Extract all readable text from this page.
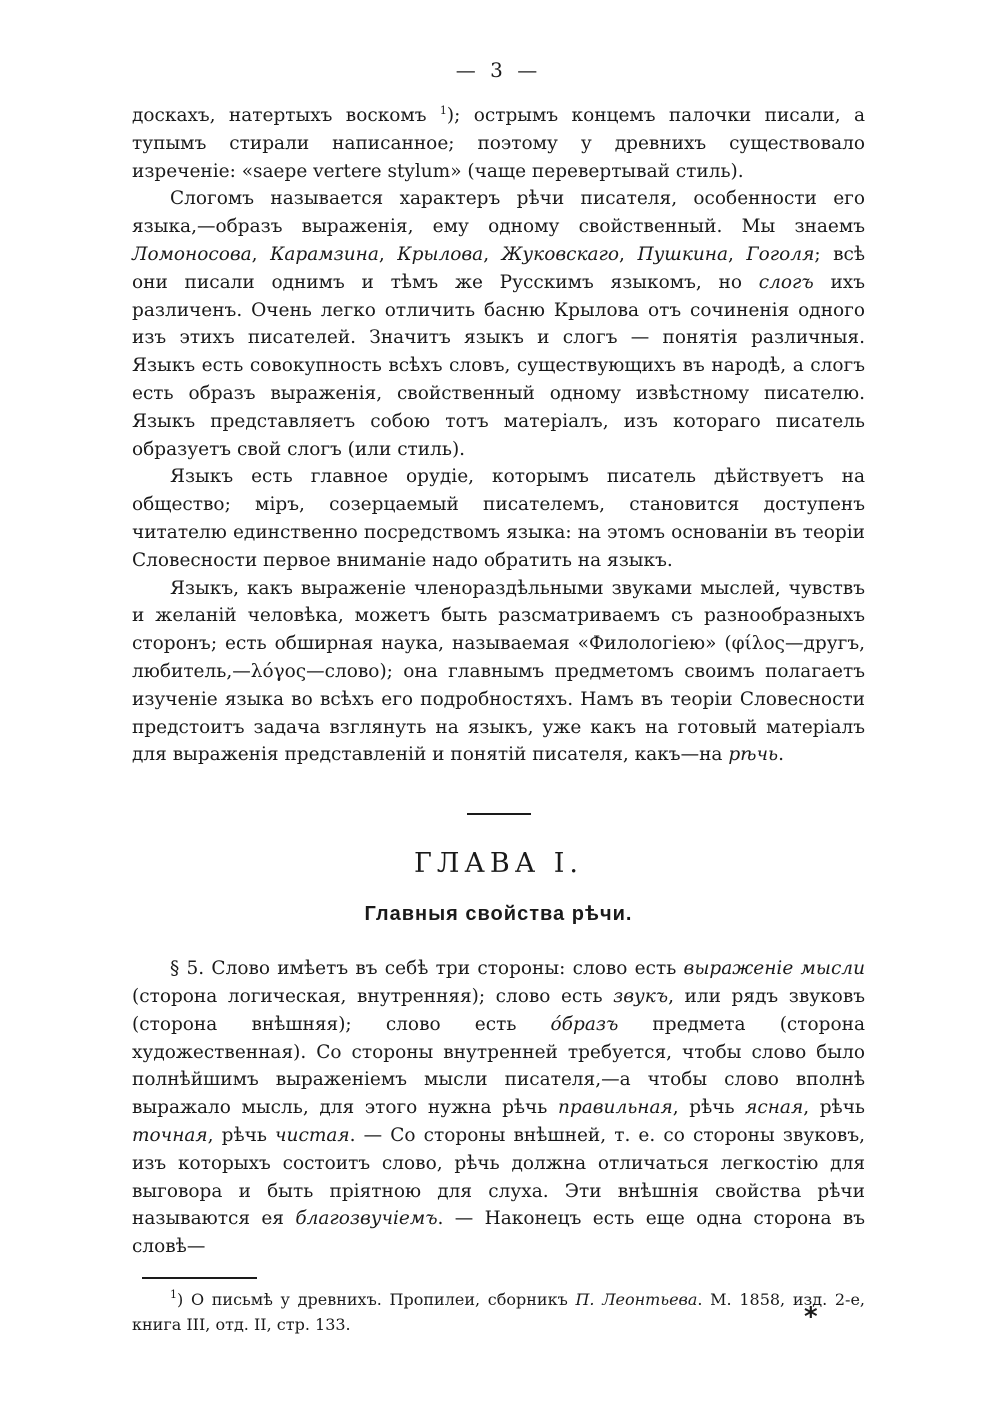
— 3 —

доскахъ, натертыхъ воскомъ $^1$); острымъ концемъ палочки писали, а тупымъ стирали написанное; поэтому у древнихъ существовало изреченіе: «saepe vertere stylum» (чаще перевертывай стиль).

Слогомъ называется характеръ рѣчи писателя, особенности его языка,—образъ выраженія, ему одному свойственный. Мы знаемъ Ломоносова, Карамзина, Крылова, Жуковскаго, Пушкина, Гоголя; всѣ они писали однимъ и тѣмъ же Русскимъ языкомъ, но слогъ ихъ различенъ. Очень легко отличить басню Крылова отъ сочиненія одного изъ этихъ писателей. Значитъ языкъ и слогъ — понятія различныя. Языкъ есть совокупность всѣхъ словъ, существующихъ въ народѣ, а слогъ есть образъ выраженія, свойственный одному извѣстному писателю. Языкъ представляетъ собою тотъ матеріалъ, изъ котораго писатель образуетъ свой слогъ (или стиль).

Языкъ есть главное орудіе, которымъ писатель дѣйствуетъ на общество; міръ, созерцаемый писателемъ, становится доступенъ читателю единственно посредствомъ языка: на этомъ основаніи въ теоріи Словесности первое вниманіе надо обратить на языкъ.

Языкъ, какъ выраженіе членораздѣльными звуками мыслей, чувствъ и желаній человѣка, можетъ быть разсматриваемъ съ разнообразныхъ сторонъ; есть обширная наука, называемая «Филологіею» (φίλος—другъ, любитель,—λόγος—слово); она главнымъ предметомъ своимъ полагаетъ изученіе языка во всѣхъ его подробностяхъ. Намъ въ теоріи Словесности предстоитъ задача взглянуть на языкъ, уже какъ на готовый матеріалъ для выраженія представленій и понятій писателя, какъ—на рѣчь.

ГЛАВА I.
Главныя свойства рѣчи.

§ 5. Слово имѣетъ въ себѣ три стороны: слово есть выраженіе мысли (сторона логическая, внутренняя); слово есть звукъ, или рядъ звуковъ (сторона внѣшняя); слово есть óбразъ предмета (сторона художественная). Со стороны внутренней требуется, чтобы слово было полнѣйшимъ выраженіемъ мысли писателя,—а чтобы слово вполнѣ выражало мысль, для этого нужна рѣчь правильная, рѣчь ясная, рѣчь точная, рѣчь чистая. — Со стороны внѣшней, т. е. со стороны звуковъ, изъ которыхъ состоитъ слово, рѣчь должна отличаться легкостію для выговора и быть пріятною для слуха. Эти внѣшнія свойства рѣчи называются ея благозвучіемъ. — Наконецъ есть еще одна сторона въ словѣ—

$^1$) О письмѣ у древнихъ. Пропилеи, сборникъ П. Леонтьева. М. 1858, изд. 2-е, книга III, отд. II, стр. 133.	*
